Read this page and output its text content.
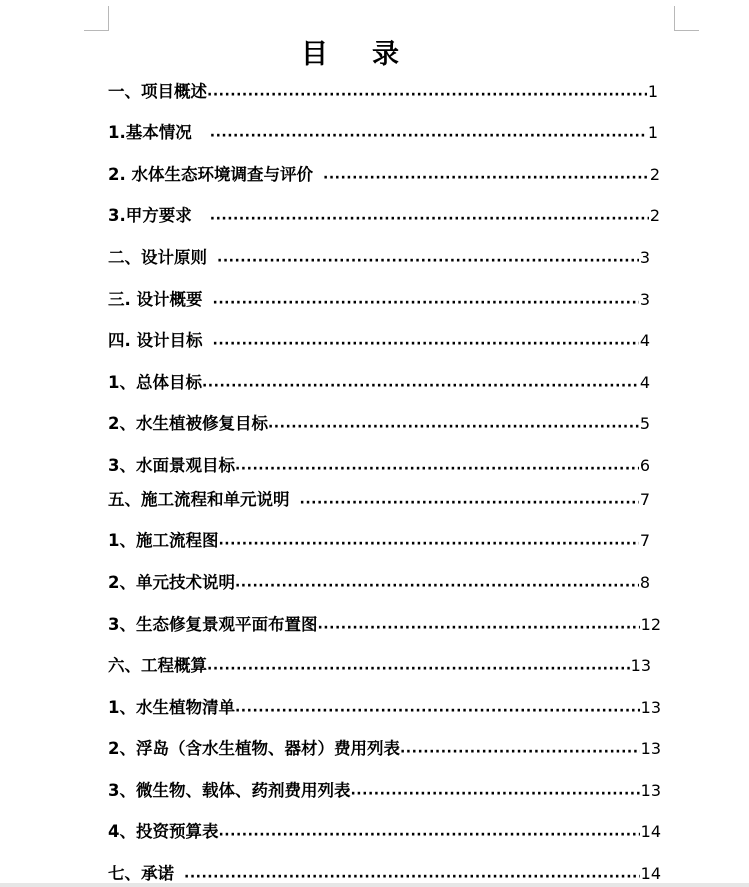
目 录
一、项目概述 ·····	1
1.基本情况 ·····	1
2. 水体生态环境调查与评价 ·····	2
3.甲方要求 ·····	2
二、设计原则 ·····	3
三. 设计概要 ·····	3
四. 设计目标 ·····	4
1、总体目标 ·····	4
2、水生植被修复目标 ·····	5
3、水面景观目标 ·····	6
五、施工流程和单元说明 ·····	7
1、施工流程图 ·····	7
2、单元技术说明 ·····	8
3、生态修复景观平面布置图 ·····	12
六、工程概算 ·····	13
1、水生植物清单 ·····	13
2、浮岛（含水生植物、器材）费用列表 ·····	13
3、微生物、载体、药剂费用列表 ·····	13
4、投资预算表 ·····	14
七、承诺 ·····	14
